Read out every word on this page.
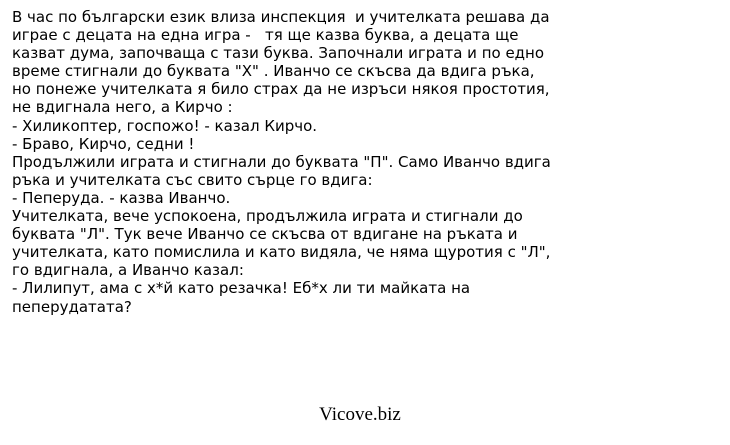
В час по български език влиза инспекция  и учителката решава да
играе с децата на една игра -   тя ще казва буква, а децата ще
казват дума, започваща с тази буква. Започнали играта и по едно
време стигнали до буквата "Х" . Иванчо се скъсва да вдига ръка,
но понеже учителката я било страх да не изръси някоя простотия,
не вдигнала него, а Кирчо :
- Хиликоптер, госпожо! - казал Кирчо.
- Браво, Кирчо, седни !
Продължили играта и стигнали до буквата "П". Само Иванчо вдига
ръка и учителката със свито сърце го вдига:
- Пеперуда. - казва Иванчо.
Учителката, вече успокоена, продължила играта и стигнали до
буквата "Л". Тук вече Иванчо се скъсва от вдигане на ръката и
учителката, като помислила и като видяла, че няма щуротия с "Л",
го вдигнала, а Иванчо казал:
- Лилипут, ама с х*й като резачка! Еб*х ли ти майката на
пеперудатата?
Vicove.biz
